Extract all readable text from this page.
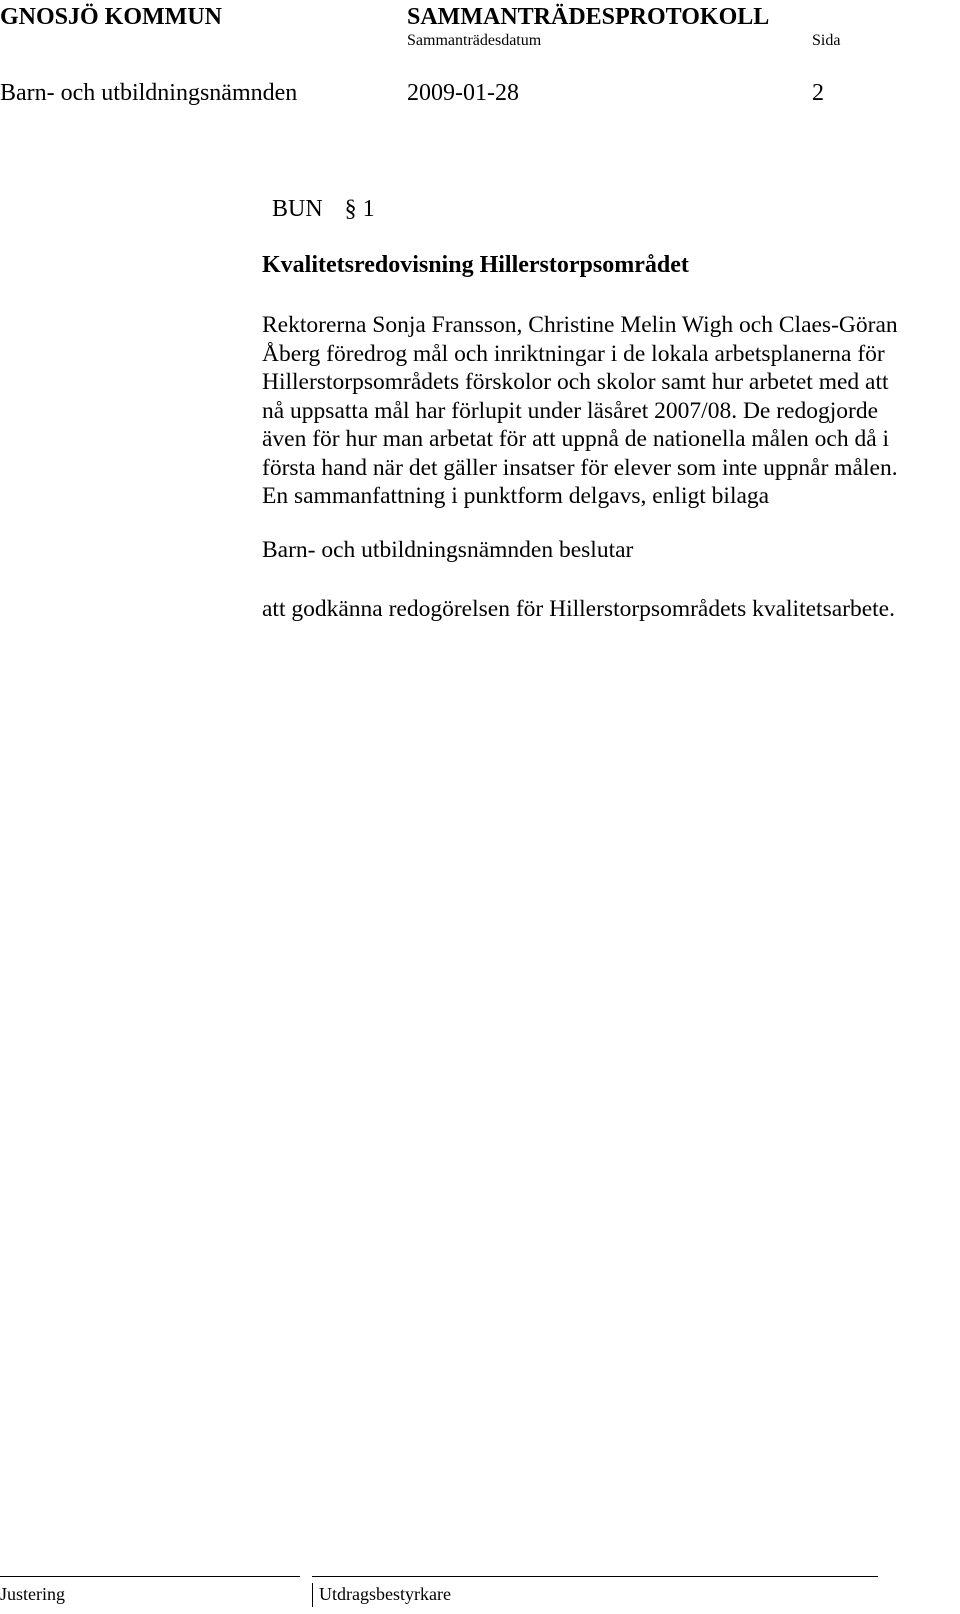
GNOSJÖ KOMMUN	SAMMANTRÄDESPROTOKOLL
Sammanträdesdatum	Sida
Barn- och utbildningsnämnden	2009-01-28	2
BUN § 1
Kvalitetsredovisning Hillerstorpsområdet
Rektorerna Sonja Fransson, Christine Melin Wigh och Claes-Göran
Åberg föredrog mål och inriktningar i de lokala arbetsplanerna för
Hillerstorpsområdets förskolor och skolor samt hur arbetet med att
nå uppsatta mål har förlupit under läsåret 2007/08. De redogjorde
även för hur man arbetat för att uppnå de nationella målen och då i
första hand när det gäller insatser för elever som inte uppnår målen.
En sammanfattning i punktform delgavs, enligt bilaga
Barn- och utbildningsnämnden beslutar
att godkänna redogörelsen för Hillerstorpsområdets kvalitetsarbete.
Justering	Utdragsbestyrkare
